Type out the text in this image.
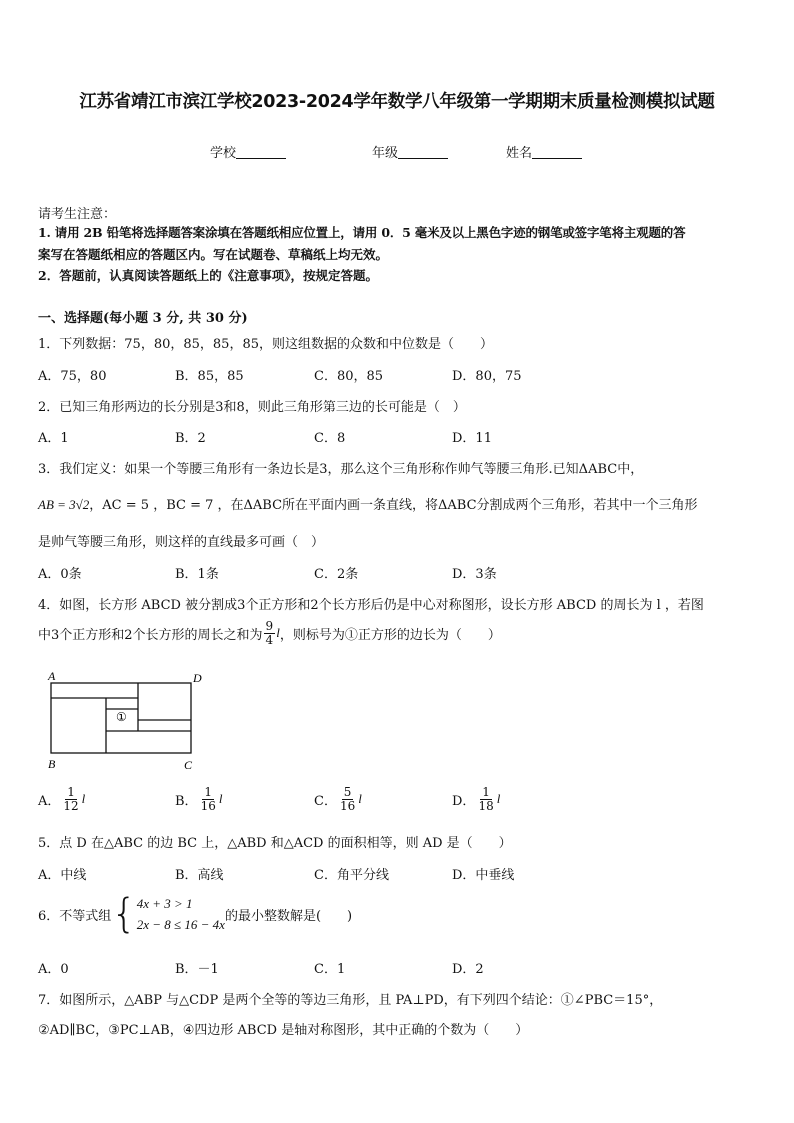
江苏省靖江市滨江学校2023-2024学年数学八年级第一学期期末质量检测模拟试题
学校	年级	姓名
请考生注意：
1. 请用 2B 铅笔将选择题答案涂填在答题纸相应位置上，请用 0．5 毫米及以上黑色字迹的钢笔或签字笔将主观题的答
案写在答题纸相应的答题区内。写在试题卷、草稿纸上均无效。
2．答题前，认真阅读答题纸上的《注意事项》，按规定答题。
一、选择题(每小题 3 分, 共 30 分)
1．下列数据：75，80，85，85，85，则这组数据的众数和中位数是（　　）
A．75，80	B．85，85	C．80，85	D．80，75
2．已知三角形两边的长分别是3和8，则此三角形第三边的长可能是（　）
A．1	B．2	C．8	D．11
3．我们定义：如果一个等腰三角形有一条边长是3，那么这个三角形称作帅气等腰三角形.已知ΔABC中，
AB = 3√2，AC = 5 ，BC = 7 ，在ΔABC所在平面内画一条直线，将ΔABC分割成两个三角形，若其中一个三角形
是帅气等腰三角形，则这样的直线最多可画（　）
A．0条	B．1条	C．2条	D．3条
4．如图，长方形 ABCD 被分割成3个正方形和2个长方形后仍是中心对称图形，设长方形 ABCD 的周长为 l ，若图
中3个正方形和2个长方形的周长之和为 $\frac{9}{4}$ l ，则标号为①正方形的边长为（　　）
A	D
B	C
①
A． $\frac{1}{12}$ l	B． $\frac{1}{16}$ l	C． $\frac{5}{16}$ l	D． $\frac{1}{18}$ l
5．点 D 在△ABC 的边 BC 上，△ABD 和△ACD 的面积相等，则 AD 是（　　）
A．中线	B．高线	C．角平分线	D．中垂线
6．不等式组 { 4x + 3 > 1
2x − 8 ≤ 16 − 4x
的最小整数解是(　　)
A．0	B．－1	C．1	D．2
7．如图所示，△ABP 与△CDP 是两个全等的等边三角形，且 PA⊥PD，有下列四个结论：①∠PBC＝15°，
②AD∥BC，③PC⊥AB，④四边形 ABCD 是轴对称图形，其中正确的个数为（　　）
